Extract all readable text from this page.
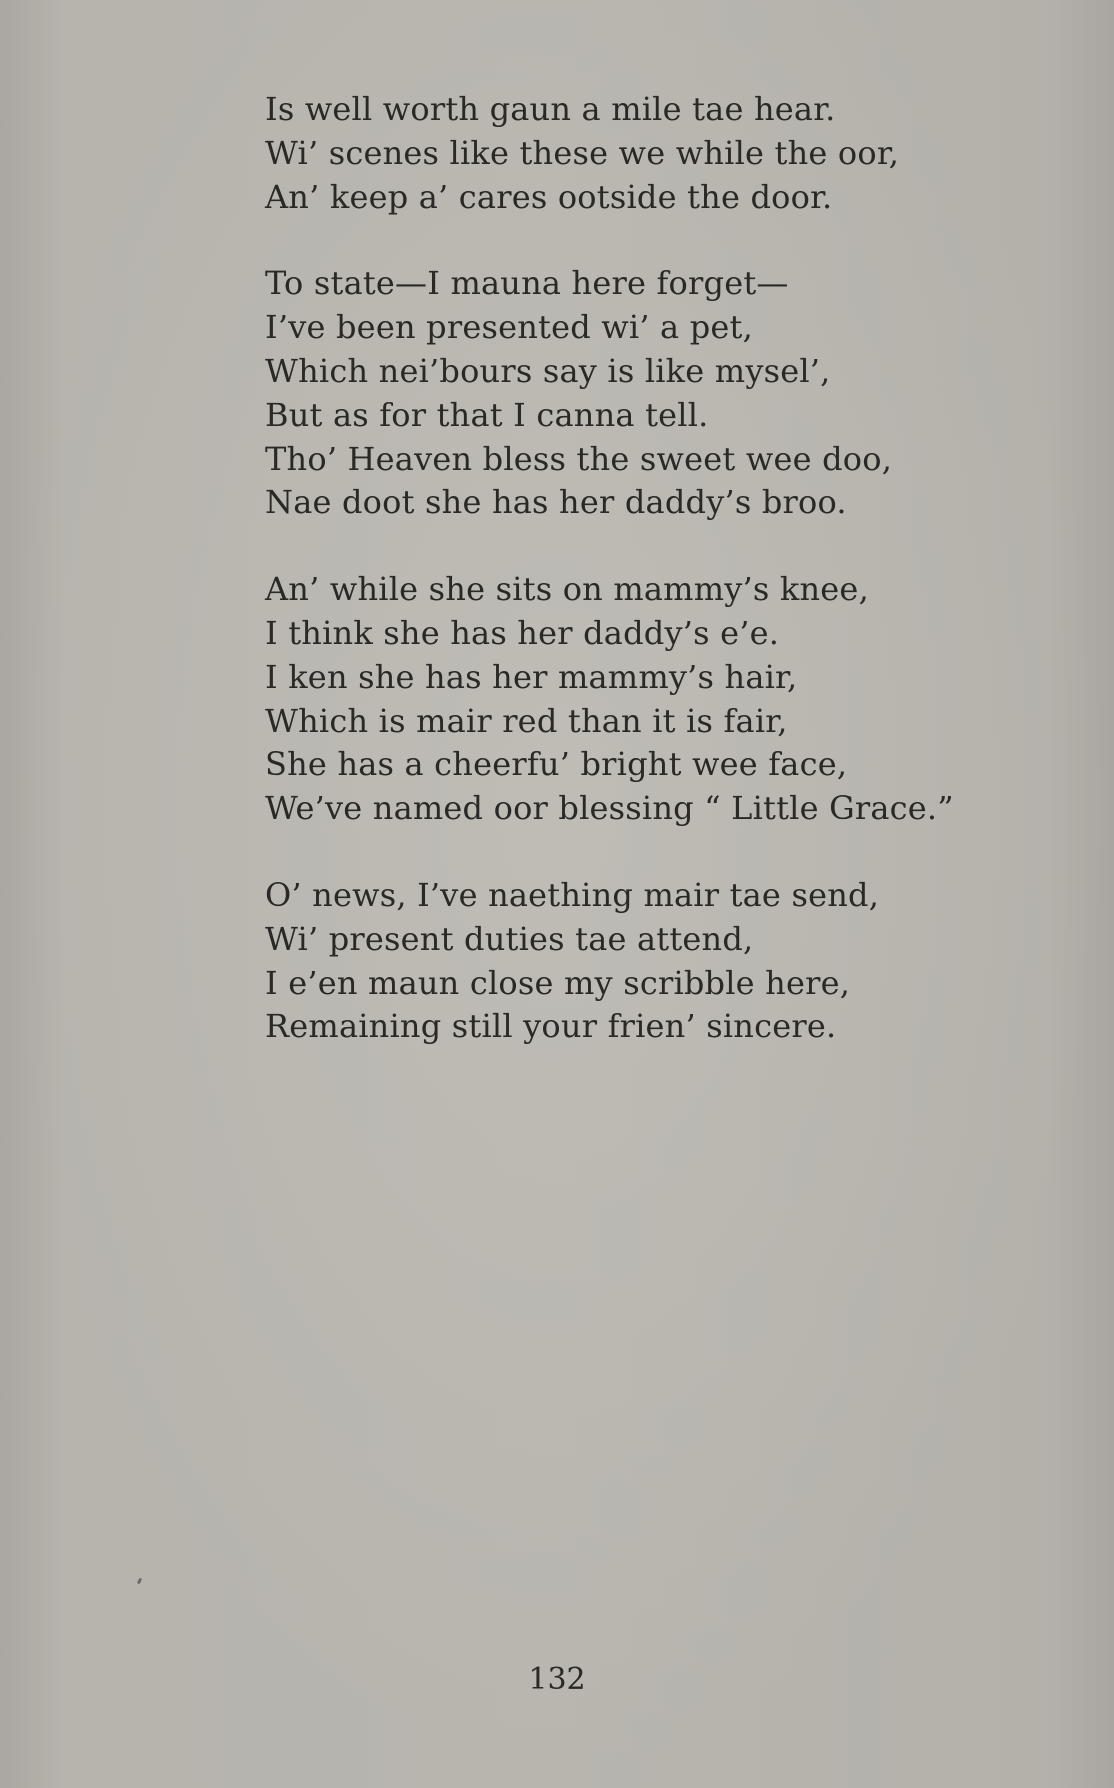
Is well worth gaun a mile tae hear.
Wi’ scenes like these we while the oor,
An’ keep a’ cares ootside the door.
To state—I mauna here forget—
I’ve been presented wi’ a pet,
Which nei’bours say is like mysel’,
But as for that I canna tell.
Tho’ Heaven bless the sweet wee doo,
Nae doot she has her daddy’s broo.
An’ while she sits on mammy’s knee,
I think she has her daddy’s e’e.
I ken she has her mammy’s hair,
Which is mair red than it is fair,
She has a cheerfu’ bright wee face,
We’ve named oor blessing “ Little Grace.”
O’ news, I’ve naething mair tae send,
Wi’ present duties tae attend,
I e’en maun close my scribble here,
Remaining still your frien’ sincere.
132
